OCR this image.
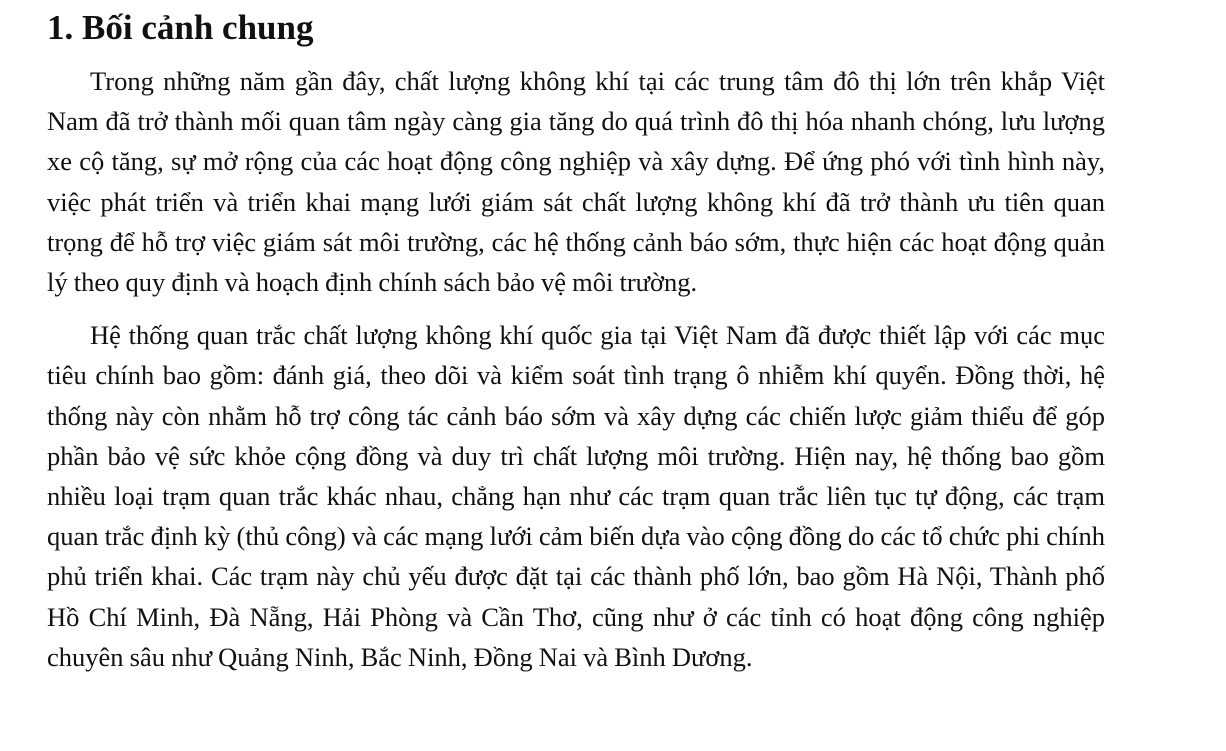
1. Bối cảnh chung

Trong những năm gần đây, chất lượng không khí tại các trung tâm đô thị lớn trên khắp Việt Nam đã trở thành mối quan tâm ngày càng gia tăng do quá trình đô thị hóa nhanh chóng, lưu lượng xe cộ tăng, sự mở rộng của các hoạt động công nghiệp và xây dựng. Để ứng phó với tình hình này, việc phát triển và triển khai mạng lưới giám sát chất lượng không khí đã trở thành ưu tiên quan trọng để hỗ trợ việc giám sát môi trường, các hệ thống cảnh báo sớm, thực hiện các hoạt động quản lý theo quy định và hoạch định chính sách bảo vệ môi trường.

Hệ thống quan trắc chất lượng không khí quốc gia tại Việt Nam đã được thiết lập với các mục tiêu chính bao gồm: đánh giá, theo dõi và kiểm soát tình trạng ô nhiễm khí quyển. Đồng thời, hệ thống này còn nhằm hỗ trợ công tác cảnh báo sớm và xây dựng các chiến lược giảm thiểu để góp phần bảo vệ sức khỏe cộng đồng và duy trì chất lượng môi trường. Hiện nay, hệ thống bao gồm nhiều loại trạm quan trắc khác nhau, chẳng hạn như các trạm quan trắc liên tục tự động, các trạm quan trắc định kỳ (thủ công) và các mạng lưới cảm biến dựa vào cộng đồng do các tổ chức phi chính phủ triển khai. Các trạm này chủ yếu được đặt tại các thành phố lớn, bao gồm Hà Nội, Thành phố Hồ Chí Minh, Đà Nẵng, Hải Phòng và Cần Thơ, cũng như ở các tỉnh có hoạt động công nghiệp chuyên sâu như Quảng Ninh, Bắc Ninh, Đồng Nai và Bình Dương.
